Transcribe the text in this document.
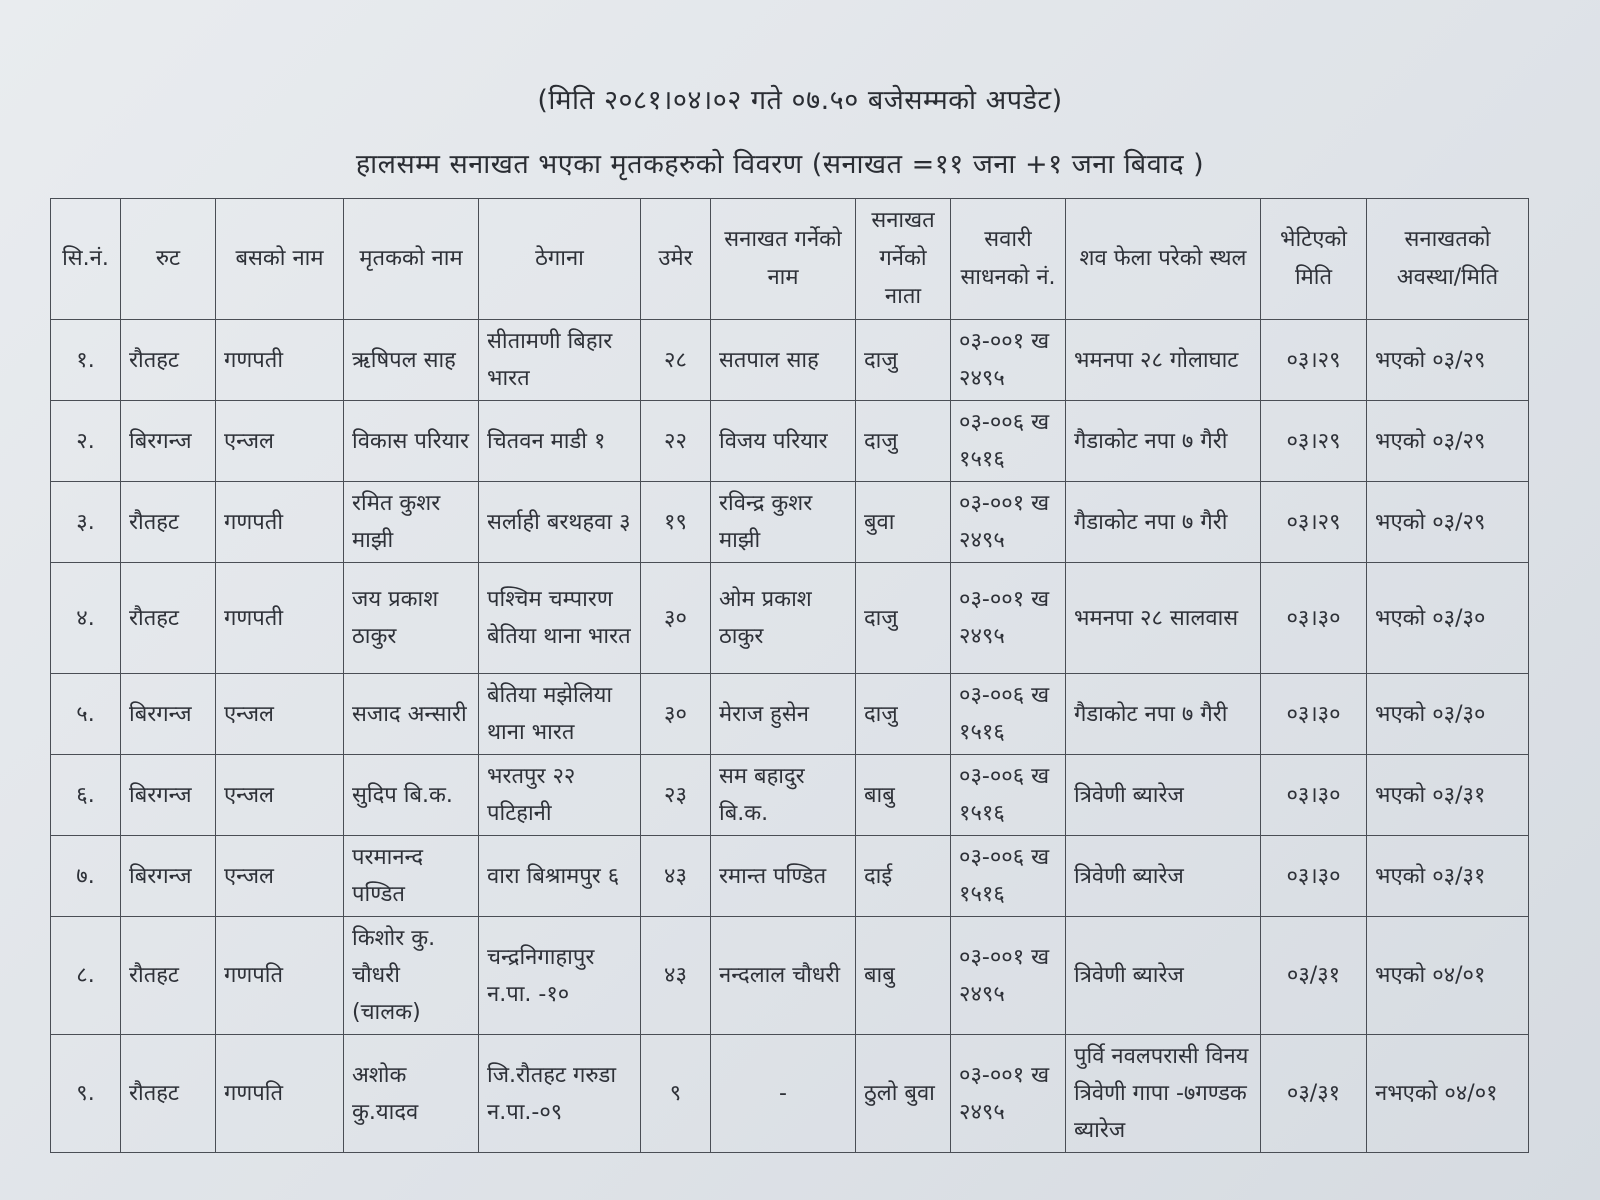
(मिति २०८१।०४।०२ गते ०७.५० बजेसम्मको अपडेट)
हालसम्म सनाखत भएका मृतकहरुको विवरण (सनाखत =११ जना +१ जना बिवाद )
सि.नं.	रुट	बसको नाम	मृतकको नाम	ठेगाना	उमेर	सनाखत गर्नेको नाम	सनाखत गर्नेको नाता	सवारी साधनको नं.	शव फेला परेको स्थल	भेटिएको मिति	सनाखतको अवस्था/मिति
१.	रौतहट	गणपती	ऋषिपल साह	सीतामणी बिहार भारत	२८	सतपाल साह	दाजु	०३-००१ ख २४९५	भमनपा २८ गोलाघाट	०३।२९	भएको ०३/२९
२.	बिरगन्ज	एन्जल	विकास परियार	चितवन माडी १	२२	विजय परियार	दाजु	०३-००६ ख १५१६	गैडाकोट नपा ७ गैरी	०३।२९	भएको ०३/२९
३.	रौतहट	गणपती	रमित कुशर माझी	सर्लाही बरथहवा ३	१९	रविन्द्र कुशर माझी	बुवा	०३-००१ ख २४९५	गैडाकोट नपा ७ गैरी	०३।२९	भएको ०३/२९
४.	रौतहट	गणपती	जय प्रकाश ठाकुर	पश्चिम चम्पारण बेतिया थाना भारत	३०	ओम प्रकाश ठाकुर	दाजु	०३-००१ ख २४९५	भमनपा २८ सालवास	०३।३०	भएको ०३/३०
५.	बिरगन्ज	एन्जल	सजाद अन्सारी	बेतिया मझेलिया थाना भारत	३०	मेराज हुसेन	दाजु	०३-००६ ख १५१६	गैडाकोट नपा ७ गैरी	०३।३०	भएको ०३/३०
६.	बिरगन्ज	एन्जल	सुदिप बि.क.	भरतपुर २२ पटिहानी	२३	सम बहादुर बि.क.	बाबु	०३-००६ ख १५१६	त्रिवेणी ब्यारेज	०३।३०	भएको ०३/३१
७.	बिरगन्ज	एन्जल	परमानन्द पण्डित	वारा बिश्रामपुर ६	४३	रमान्त पण्डित	दाई	०३-००६ ख १५१६	त्रिवेणी ब्यारेज	०३।३०	भएको ०३/३१
८.	रौतहट	गणपति	किशोर कु. चौधरी (चालक)	चन्द्रनिगाहापुर न.पा. -१०	४३	नन्दलाल चौधरी	बाबु	०३-००१ ख २४९५	त्रिवेणी ब्यारेज	०३/३१	भएको ०४/०१
९.	रौतहट	गणपति	अशोक कु.यादव	जि.रौतहट गरुडा न.पा.-०९	९	-	ठुलो बुवा	०३-००१ ख २४९५	पुर्वि नवलपरासी विनय त्रिवेणी गापा -७गण्डक ब्यारेज	०३/३१	नभएको ०४/०१
